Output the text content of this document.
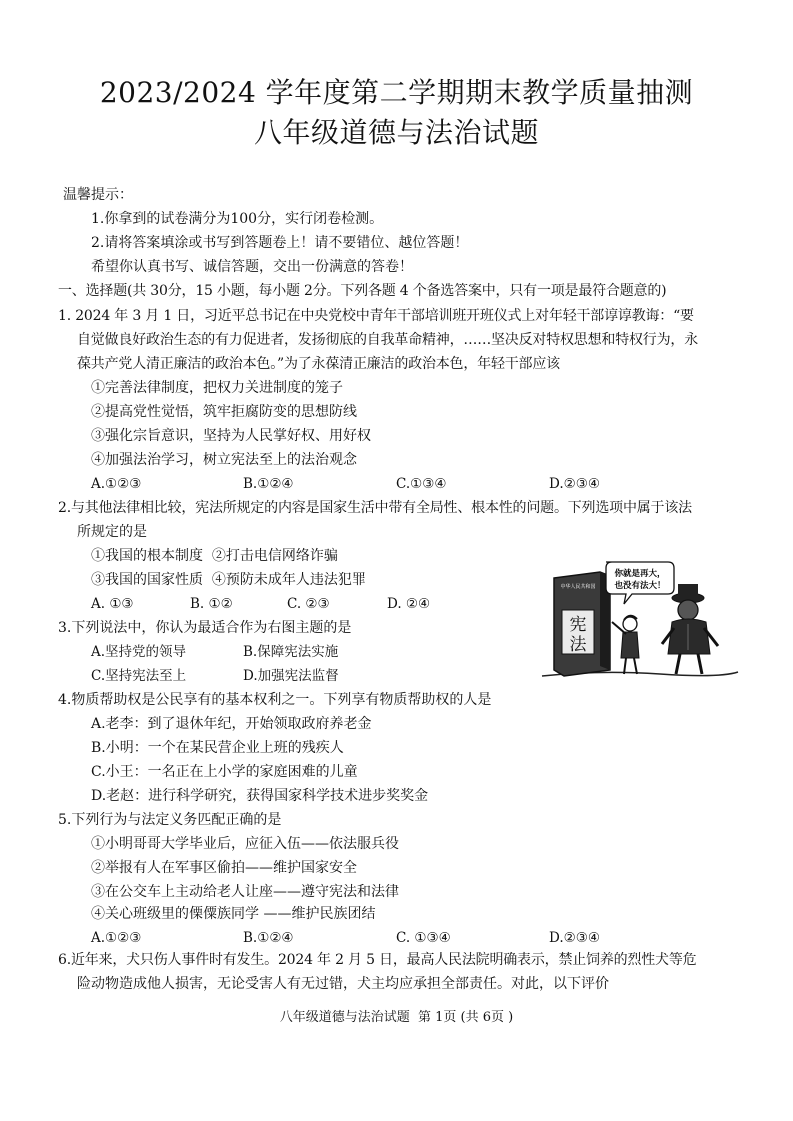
2023/2024 学年度第二学期期末教学质量抽测
八年级道德与法治试题
温馨提示：
1.你拿到的试卷满分为100分，实行闭卷检测。
2.请将答案填涂或书写到答题卷上！请不要错位、越位答题！
希望你认真书写、诚信答题，交出一份满意的答卷！
一、选择题(共 30分，15 小题，每小题 2分。下列各题 4 个备选答案中，只有一项是最符合题意的)
1. 2024 年 3 月 1 日，习近平总书记在中央党校中青年干部培训班开班仪式上对年轻干部谆谆教诲：“要
自觉做良好政治生态的有力促进者，发扬彻底的自我革命精神，……坚决反对特权思想和特权行为，永
葆共产党人清正廉洁的政治本色。”为了永葆清正廉洁的政治本色，年轻干部应该
①完善法律制度，把权力关进制度的笼子
②提高党性觉悟，筑牢拒腐防变的思想防线
③强化宗旨意识，坚持为人民掌好权、用好权
④加强法治学习，树立宪法至上的法治观念
A.①②③	B.①②④	C.①③④	D.②③④
2.与其他法律相比较，宪法所规定的内容是国家生活中带有全局性、根本性的问题。下列选项中属于该法
所规定的是
①我国的根本制度  ②打击电信网络诈骗
③我国的国家性质  ④预防未成年人违法犯罪
A. ①③	B. ①②	C. ②③	D. ②④
3.下列说法中，你认为最适合作为右图主题的是
A.坚持党的领导	B.保障宪法实施
C.坚持宪法至上	D.加强宪法监督
中华人民共和国
宪
法
你就是再大，
也没有法大！
4.物质帮助权是公民享有的基本权利之一。下列享有物质帮助权的人是
A.老李：到了退休年纪，开始领取政府养老金
B.小明：一个在某民营企业上班的残疾人
C.小王：一名正在上小学的家庭困难的儿童
D.老赵：进行科学研究，获得国家科学技术进步奖奖金
5.下列行为与法定义务匹配正确的是
①小明哥哥大学毕业后，应征入伍——依法服兵役
②举报有人在军事区偷拍——维护国家安全
③在公交车上主动给老人让座——遵守宪法和法律
④关心班级里的傈僳族同学 ——维护民族团结
A.①②③	B.①②④	C. ①③④	D.②③④
6.近年来，犬只伤人事件时有发生。2024 年 2 月 5 日，最高人民法院明确表示，禁止饲养的烈性犬等危
险动物造成他人损害，无论受害人有无过错，犬主均应承担全部责任。对此，以下评价
八年级道德与法治试题  第 1页 (共 6页 )
